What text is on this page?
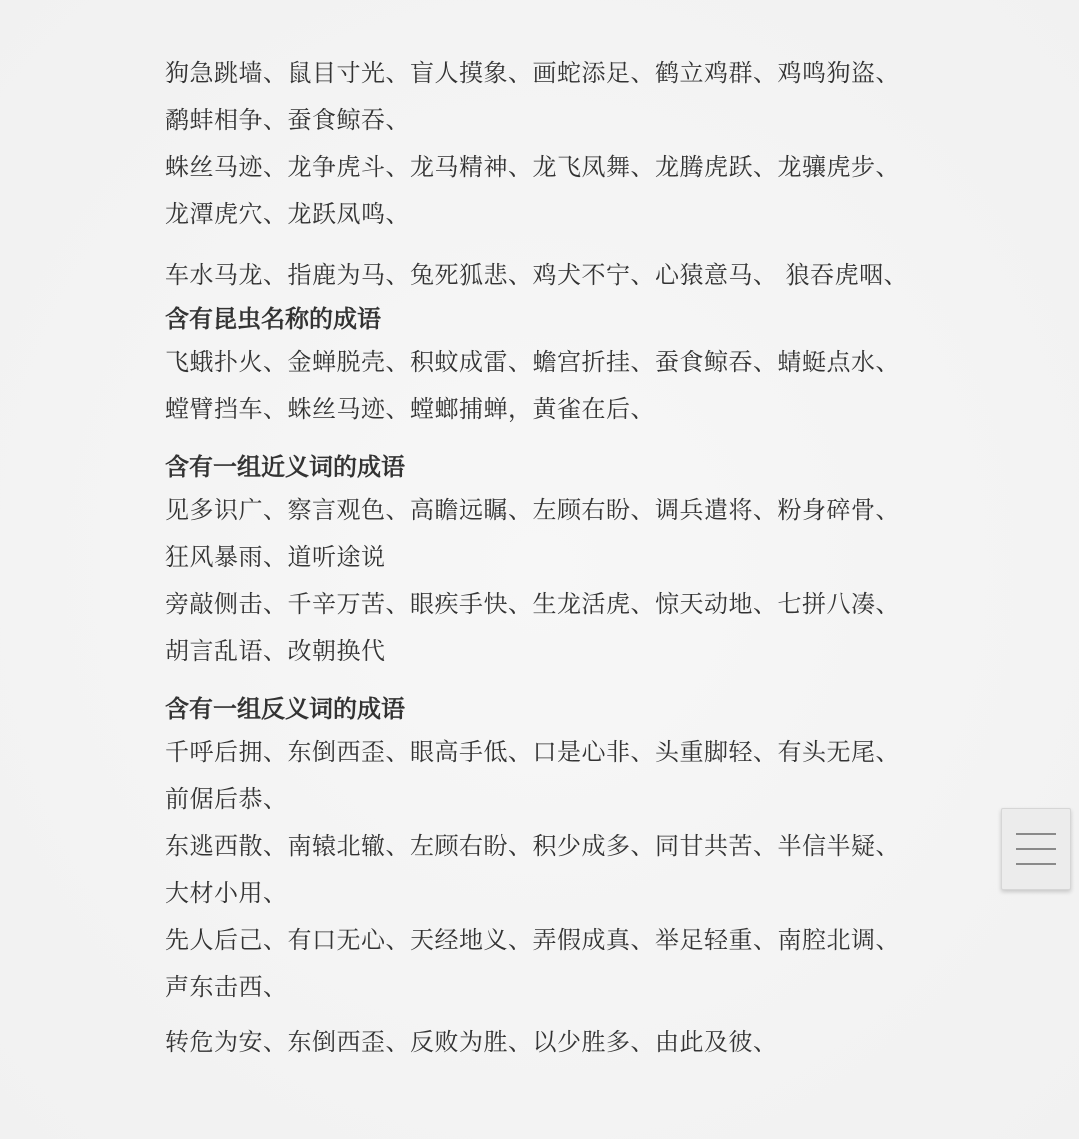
狗急跳墙、鼠目寸光、盲人摸象、画蛇添足、鹤立鸡群、鸡鸣狗盗、
鹬蚌相争、蚕食鲸吞、
蛛丝马迹、龙争虎斗、龙马精神、龙飞凤舞、龙腾虎跃、龙骧虎步、
龙潭虎穴、龙跃凤鸣、
车水马龙、指鹿为马、兔死狐悲、鸡犬不宁、心猿意马、 狼吞虎咽、
含有昆虫名称的成语
飞蛾扑火、金蝉脱壳、积蚊成雷、蟾宫折挂、蚕食鲸吞、蜻蜓点水、
螳臂挡车、蛛丝马迹、螳螂捕蝉，黄雀在后、
含有一组近义词的成语
见多识广、察言观色、高瞻远瞩、左顾右盼、调兵遣将、粉身碎骨、
狂风暴雨、道听途说
旁敲侧击、千辛万苦、眼疾手快、生龙活虎、惊天动地、七拼八凑、
胡言乱语、改朝换代
含有一组反义词的成语
千呼后拥、东倒西歪、眼高手低、口是心非、头重脚轻、有头无尾、
前倨后恭、
东逃西散、南辕北辙、左顾右盼、积少成多、同甘共苦、半信半疑、
大材小用、
先人后己、有口无心、天经地义、弄假成真、举足轻重、南腔北调、
声东击西、
转危为安、东倒西歪、反败为胜、以少胜多、由此及彼、
